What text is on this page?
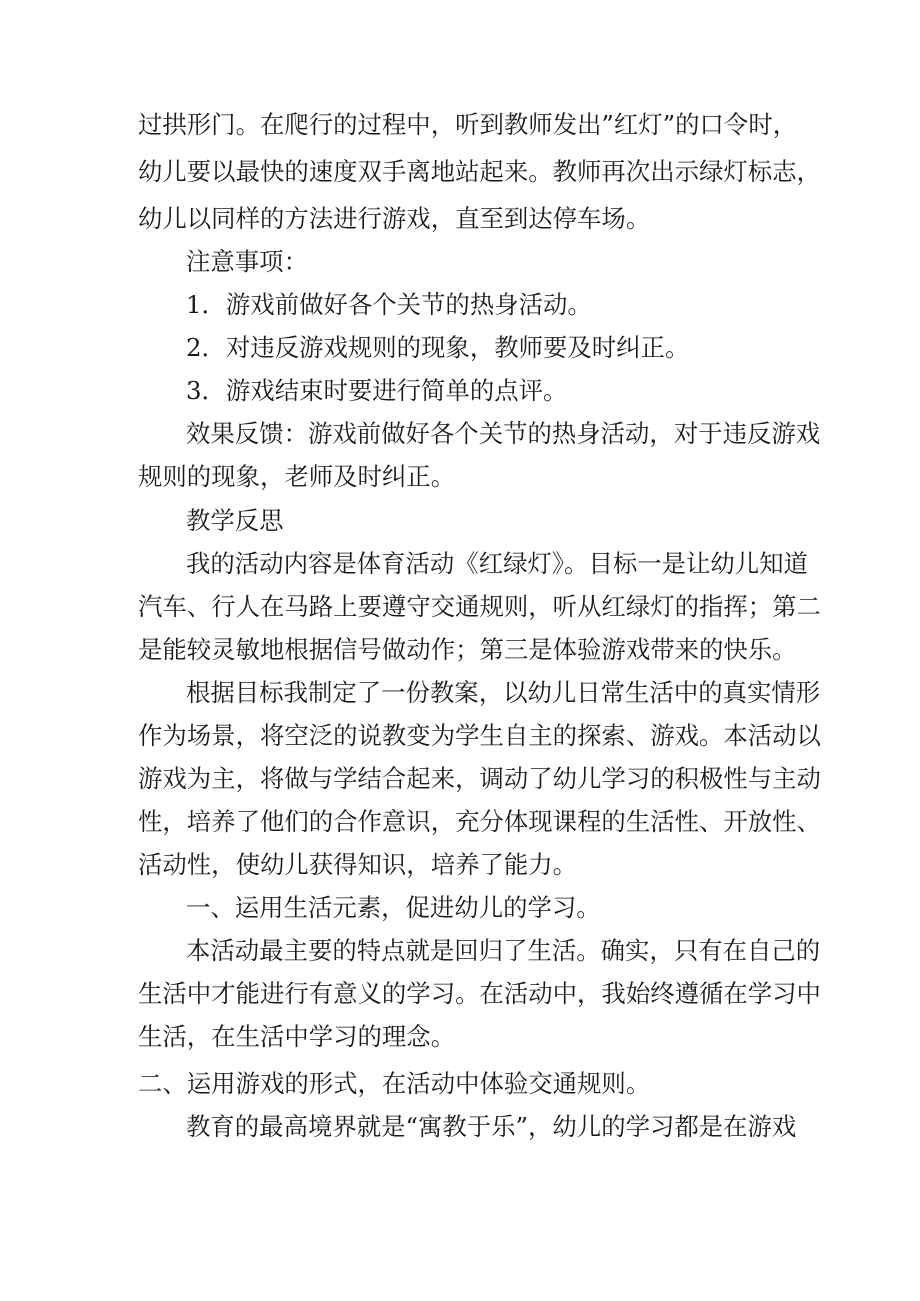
过拱形门。在爬行的过程中，听到教师发出”红灯”的口令时，
幼儿要以最快的速度双手离地站起来。教师再次出示绿灯标志，
幼儿以同样的方法进行游戏，直至到达停车场。
注意事项：
1．游戏前做好各个关节的热身活动。
2．对违反游戏规则的现象，教师要及时纠正。
3．游戏结束时要进行简单的点评。
效果反馈：游戏前做好各个关节的热身活动，对于违反游戏
规则的现象，老师及时纠正。
教学反思
我的活动内容是体育活动《红绿灯》。目标一是让幼儿知道
汽车、行人在马路上要遵守交通规则，听从红绿灯的指挥；第二
是能较灵敏地根据信号做动作；第三是体验游戏带来的快乐。
根据目标我制定了一份教案，以幼儿日常生活中的真实情形
作为场景，将空泛的说教变为学生自主的探索、游戏。本活动以
游戏为主，将做与学结合起来，调动了幼儿学习的积极性与主动
性，培养了他们的合作意识，充分体现课程的生活性、开放性、
活动性，使幼儿获得知识，培养了能力。
一、运用生活元素，促进幼儿的学习。
本活动最主要的特点就是回归了生活。确实，只有在自己的
生活中才能进行有意义的学习。在活动中，我始终遵循在学习中
生活，在生活中学习的理念。
二、运用游戏的形式，在活动中体验交通规则。
教育的最高境界就是“寓教于乐”，幼儿的学习都是在游戏
